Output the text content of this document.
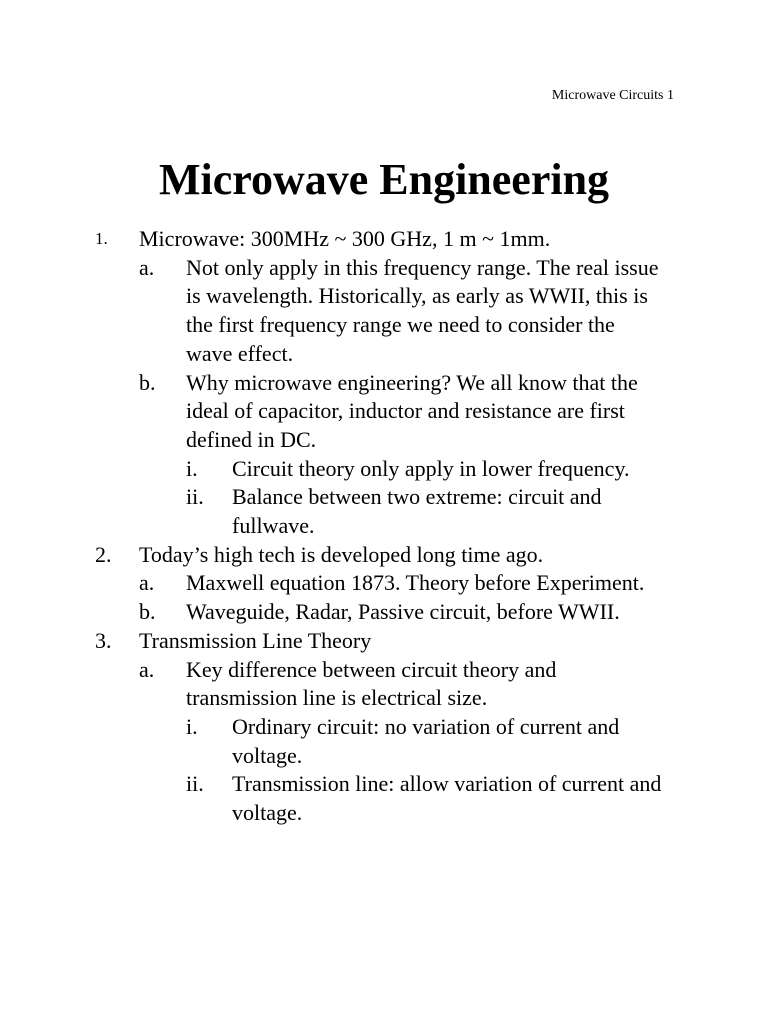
Microwave Circuits 1
Microwave Engineering
1. Microwave: 300MHz ~ 300 GHz, 1 m ~ 1mm.
a. Not only apply in this frequency range. The real issue is wavelength. Historically, as early as WWII, this is the first frequency range we need to consider the wave effect.
b. Why microwave engineering? We all know that the ideal of capacitor, inductor and resistance are first defined in DC.
i. Circuit theory only apply in lower frequency.
ii. Balance between two extreme: circuit and fullwave.
2. Today’s high tech is developed long time ago.
a. Maxwell equation 1873. Theory before Experiment.
b. Waveguide, Radar, Passive circuit, before WWII.
3. Transmission Line Theory
a. Key difference between circuit theory and transmission line is electrical size.
i. Ordinary circuit: no variation of current and voltage.
ii. Transmission line: allow variation of current and voltage.
